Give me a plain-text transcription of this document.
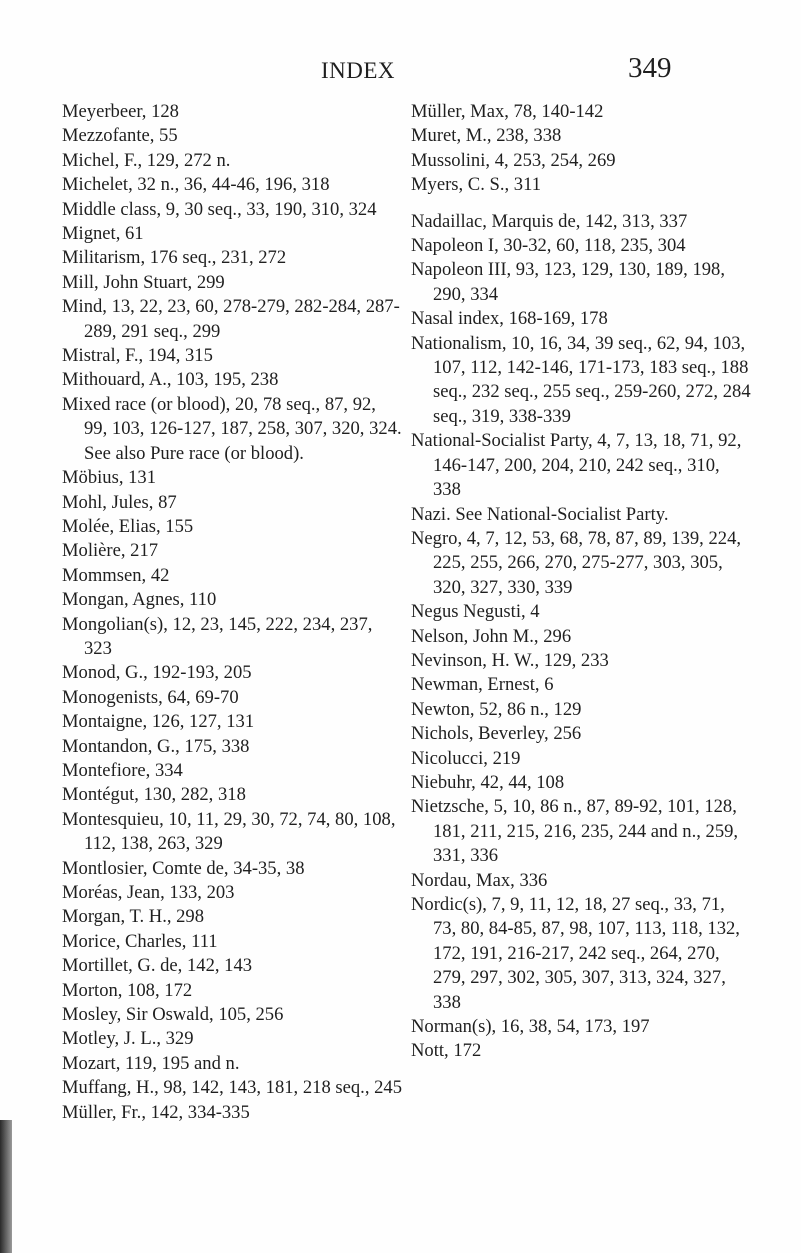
INDEX	349

Meyerbeer, 128

Mezzofante, 55

Michel, F., 129, 272 n.

Michelet, 32 n., 36, 44-46, 196, 318

Middle class, 9, 30 seq., 33, 190, 310, 324

Mignet, 61

Militarism, 176 seq., 231, 272

Mill, John Stuart, 299

Mind, 13, 22, 23, 60, 278-279, 282-284, 287-289, 291 seq., 299

Mistral, F., 194, 315

Mithouard, A., 103, 195, 238

Mixed race (or blood), 20, 78 seq., 87, 92, 99, 103, 126-127, 187, 258, 307, 320, 324. See also Pure race (or blood).

Möbius, 131

Mohl, Jules, 87

Molée, Elias, 155

Molière, 217

Mommsen, 42

Mongan, Agnes, 110

Mongolian(s), 12, 23, 145, 222, 234, 237, 323

Monod, G., 192-193, 205

Monogenists, 64, 69-70

Montaigne, 126, 127, 131

Montandon, G., 175, 338

Montefiore, 334

Montégut, 130, 282, 318

Montesquieu, 10, 11, 29, 30, 72, 74, 80, 108, 112, 138, 263, 329

Montlosier, Comte de, 34-35, 38

Moréas, Jean, 133, 203

Morgan, T. H., 298

Morice, Charles, 111

Mortillet, G. de, 142, 143

Morton, 108, 172

Mosley, Sir Oswald, 105, 256

Motley, J. L., 329

Mozart, 119, 195 and n.

Muffang, H., 98, 142, 143, 181, 218 seq., 245

Müller, Fr., 142, 334-335

Müller, Max, 78, 140-142

Muret, M., 238, 338

Mussolini, 4, 253, 254, 269

Myers, C. S., 311

Nadaillac, Marquis de, 142, 313, 337

Napoleon I, 30-32, 60, 118, 235, 304

Napoleon III, 93, 123, 129, 130, 189, 198, 290, 334

Nasal index, 168-169, 178

Nationalism, 10, 16, 34, 39 seq., 62, 94, 103, 107, 112, 142-146, 171-173, 183 seq., 188 seq., 232 seq., 255 seq., 259-260, 272, 284 seq., 319, 338-339

National-Socialist Party, 4, 7, 13, 18, 71, 92, 146-147, 200, 204, 210, 242 seq., 310, 338

Nazi. See National-Socialist Party.

Negro, 4, 7, 12, 53, 68, 78, 87, 89, 139, 224, 225, 255, 266, 270, 275-277, 303, 305, 320, 327, 330, 339

Negus Negusti, 4

Nelson, John M., 296

Nevinson, H. W., 129, 233

Newman, Ernest, 6

Newton, 52, 86 n., 129

Nichols, Beverley, 256

Nicolucci, 219

Niebuhr, 42, 44, 108

Nietzsche, 5, 10, 86 n., 87, 89-92, 101, 128, 181, 211, 215, 216, 235, 244 and n., 259, 331, 336

Nordau, Max, 336

Nordic(s), 7, 9, 11, 12, 18, 27 seq., 33, 71, 73, 80, 84-85, 87, 98, 107, 113, 118, 132, 172, 191, 216-217, 242 seq., 264, 270, 279, 297, 302, 305, 307, 313, 324, 327, 338

Norman(s), 16, 38, 54, 173, 197

Nott, 172
